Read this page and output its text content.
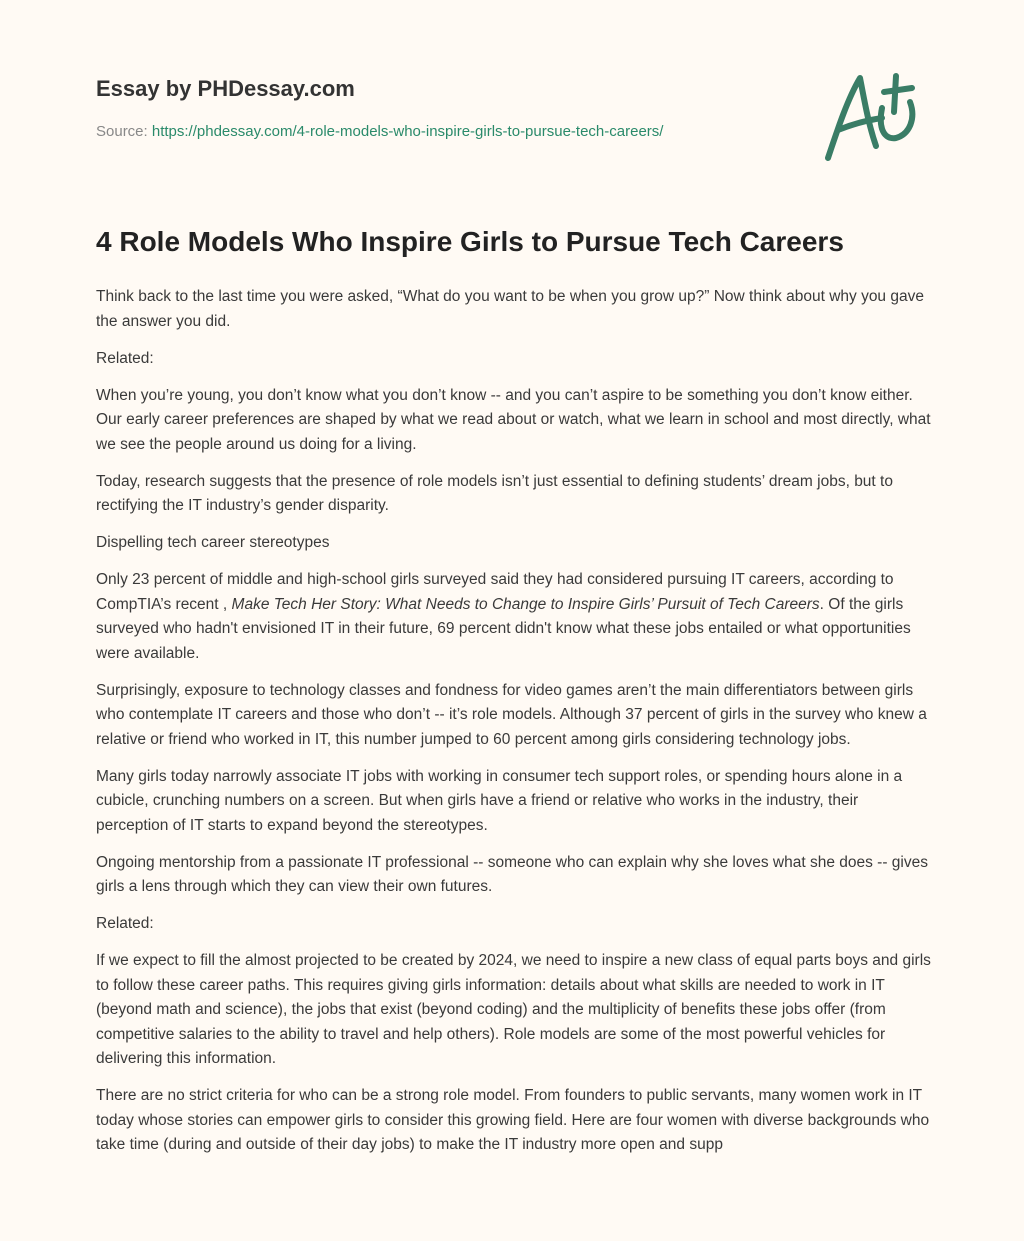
Essay by PHDessay.com
Source: https://phdessay.com/4-role-models-who-inspire-girls-to-pursue-tech-careers/
4 Role Models Who Inspire Girls to Pursue Tech Careers

Think back to the last time you were asked, “What do you want to be when you grow up?” Now think about why you gave the answer you did.

Related:

When you’re young, you don’t know what you don’t know -- and you can’t aspire to be something you don’t know either. Our early career preferences are shaped by what we read about or watch, what we learn in school and most directly, what we see the people around us doing for a living.

Today, research suggests that the presence of role models isn’t just essential to defining students’ dream jobs, but to rectifying the IT industry’s gender disparity.

Dispelling tech career stereotypes

Only 23 percent of middle and high-school girls surveyed said they had considered pursuing IT careers, according to CompTIA’s recent , Make Tech Her Story: What Needs to Change to Inspire Girls’ Pursuit of Tech Careers. Of the girls surveyed who hadn't envisioned IT in their future, 69 percent didn't know what these jobs entailed or what opportunities were available.

Surprisingly, exposure to technology classes and fondness for video games aren’t the main differentiators between girls who contemplate IT careers and those who don’t -- it’s role models. Although 37 percent of girls in the survey who knew a relative or friend who worked in IT, this number jumped to 60 percent among girls considering technology jobs.

Many girls today narrowly associate IT jobs with working in consumer tech support roles, or spending hours alone in a cubicle, crunching numbers on a screen. But when girls have a friend or relative who works in the industry, their perception of IT starts to expand beyond the stereotypes.

Ongoing mentorship from a passionate IT professional -- someone who can explain why she loves what she does -- gives girls a lens through which they can view their own futures.

Related:

If we expect to fill the almost projected to be created by 2024, we need to inspire a new class of equal parts boys and girls to follow these career paths. This requires giving girls information: details about what skills are needed to work in IT (beyond math and science), the jobs that exist (beyond coding) and the multiplicity of benefits these jobs offer (from competitive salaries to the ability to travel and help others). Role models are some of the most powerful vehicles for delivering this information.

There are no strict criteria for who can be a strong role model. From founders to public servants, many women work in IT today whose stories can empower girls to consider this growing field. Here are four women with diverse backgrounds who take time (during and outside of their day jobs) to make the IT industry more open and supp
